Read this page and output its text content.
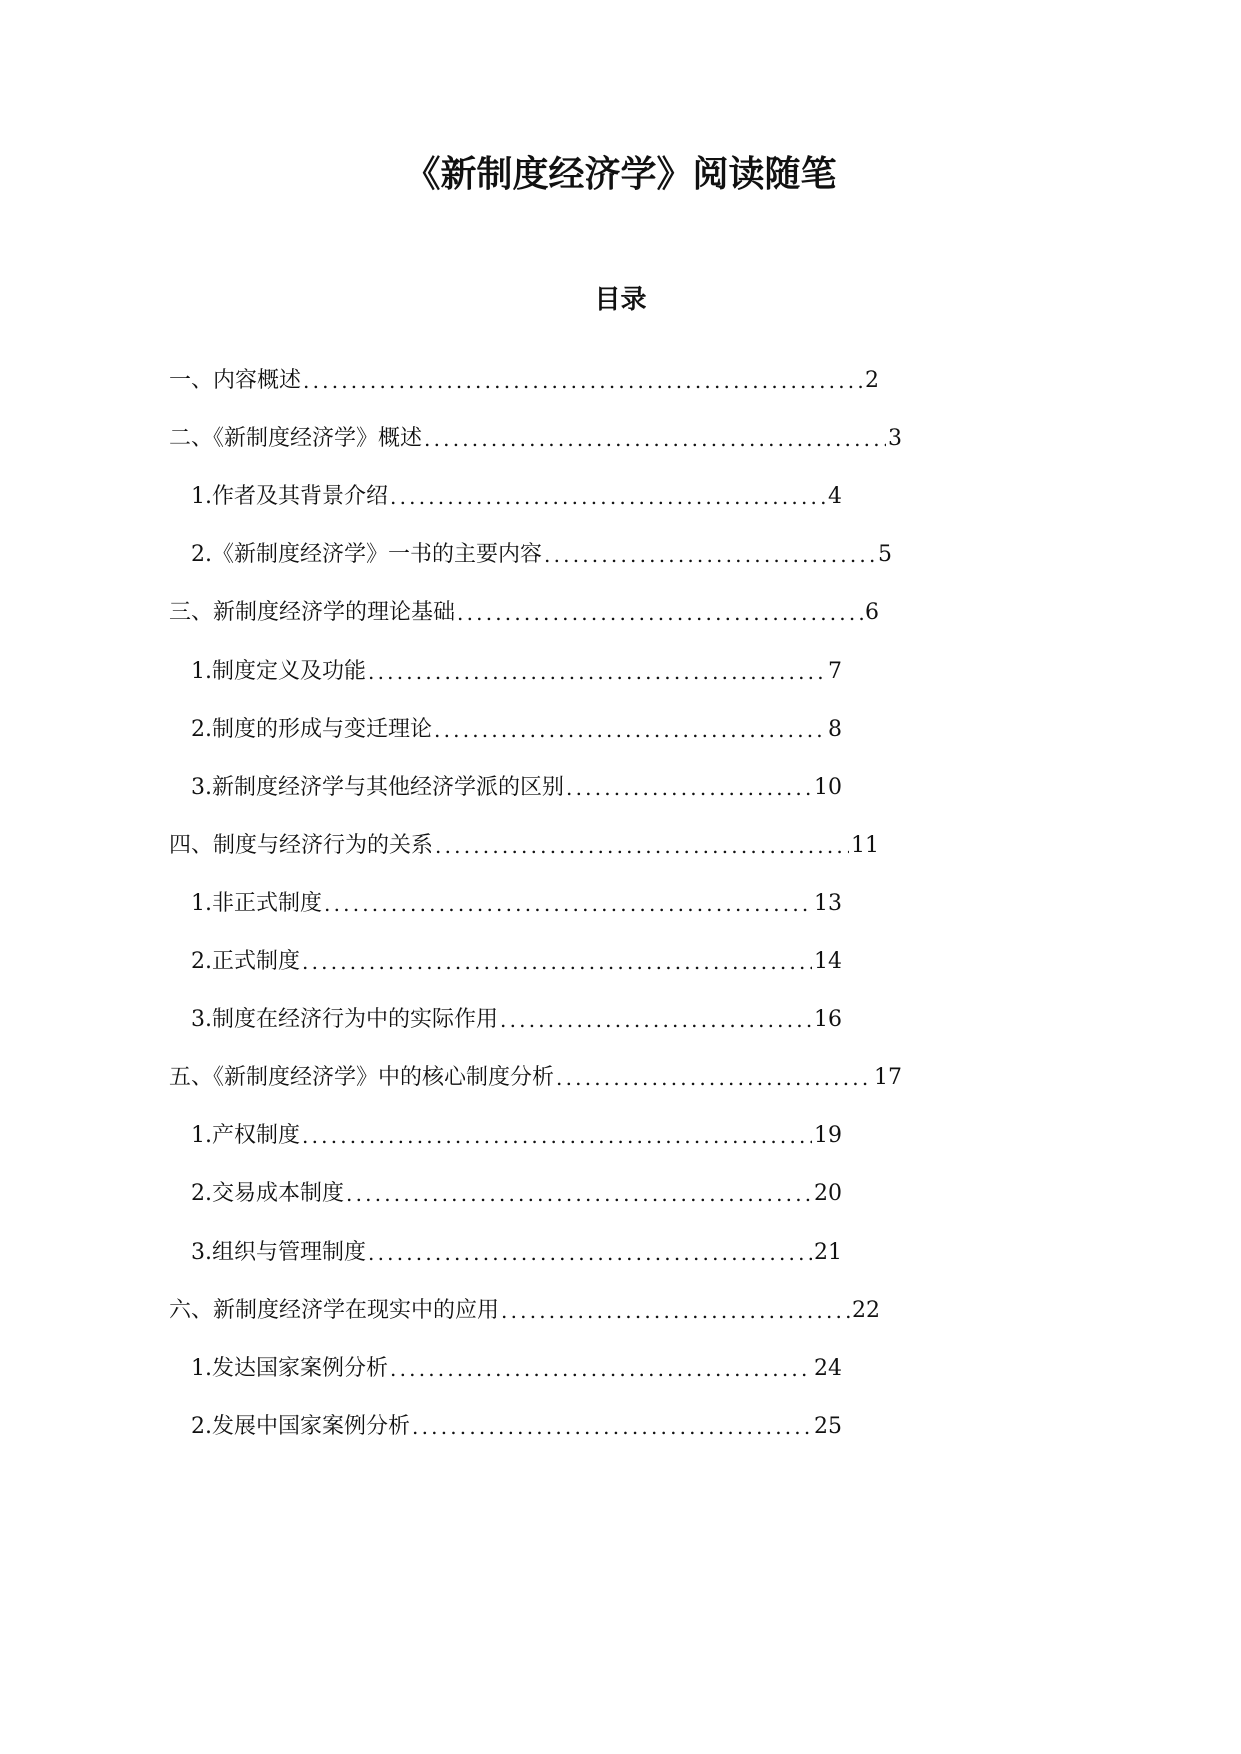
《新制度经济学》阅读随笔
目录
一、内容概述 .....	2
二、《新制度经济学》概述 .....	3
1. 作者及其背景介绍 .....	4
2. 《新制度经济学》一书的主要内容 .....	5
三、新制度经济学的理论基础 .....	6
1. 制度定义及功能 .....	7
2. 制度的形成与变迁理论 .....	8
3. 新制度经济学与其他经济学派的区别 .....	10
四、制度与经济行为的关系 .....	11
1. 非正式制度 .....	13
2. 正式制度 .....	14
3. 制度在经济行为中的实际作用 .....	16
五、《新制度经济学》中的核心制度分析 .....	17
1. 产权制度 .....	19
2. 交易成本制度 .....	20
3. 组织与管理制度 .....	21
六、新制度经济学在现实中的应用 .....	22
1. 发达国家案例分析 .....	24
2. 发展中国家案例分析 .....	25
